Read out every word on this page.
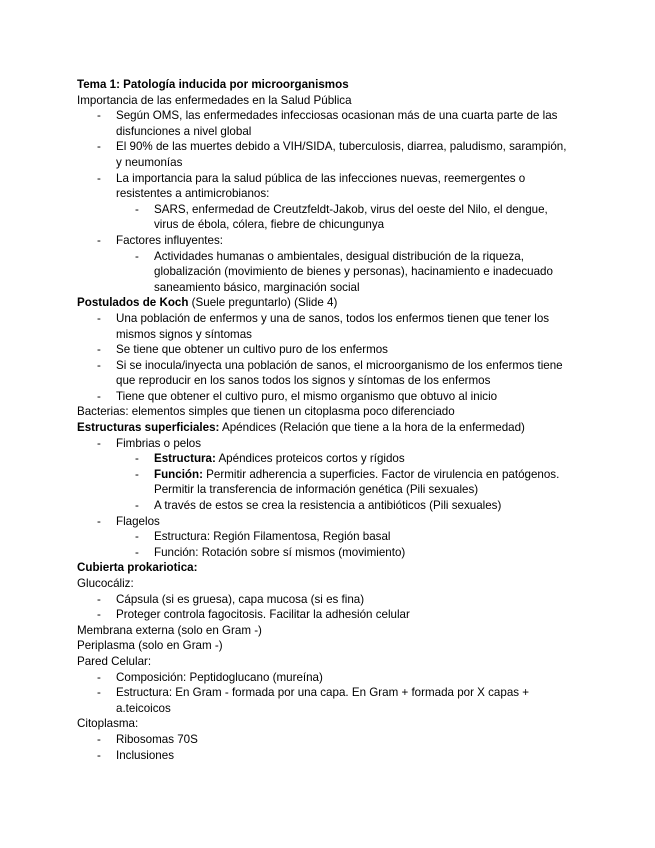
Tema 1: Patología inducida por microorganismos
Importancia de las enfermedades en la Salud Pública
- Según OMS, las enfermedades infecciosas ocasionan más de una cuarta parte de las
disfunciones a nivel global
- El 90% de las muertes debido a VIH/SIDA, tuberculosis, diarrea, paludismo, sarampión,
y neumonías
- La importancia para la salud pública de las infecciones nuevas, reemergentes o
resistentes a antimicrobianos:
- SARS, enfermedad de Creutzfeldt-Jakob, virus del oeste del Nilo, el dengue,
virus de ébola, cólera, fiebre de chicungunya
- Factores influyentes:
- Actividades humanas o ambientales, desigual distribución de la riqueza,
globalización (movimiento de bienes y personas), hacinamiento e inadecuado
saneamiento básico, marginación social
Postulados de Koch (Suele preguntarlo) (Slide 4)
- Una población de enfermos y una de sanos, todos los enfermos tienen que tener los
mismos signos y síntomas
- Se tiene que obtener un cultivo puro de los enfermos
- Si se inocula/inyecta una población de sanos, el microorganismo de los enfermos tiene
que reproducir en los sanos todos los signos y síntomas de los enfermos
- Tiene que obtener el cultivo puro, el mismo organismo que obtuvo al inicio
Bacterias: elementos simples que tienen un citoplasma poco diferenciado
Estructuras superficiales: Apéndices (Relación que tiene a la hora de la enfermedad)
- Fimbrias o pelos
- Estructura: Apéndices proteicos cortos y rígidos
- Función: Permitir adherencia a superficies. Factor de virulencia en patógenos.
Permitir la transferencia de información genética (Pili sexuales)
- A través de estos se crea la resistencia a antibióticos (Pili sexuales)
- Flagelos
- Estructura: Región Filamentosa, Región basal
- Función: Rotación sobre sí mismos (movimiento)
Cubierta prokariotica:
Glucocáliz:
- Cápsula (si es gruesa), capa mucosa (si es fina)
- Proteger controla fagocitosis. Facilitar la adhesión celular
Membrana externa (solo en Gram -)
Periplasma (solo en Gram -)
Pared Celular:
- Composición: Peptidoglucano (mureína)
- Estructura: En Gram - formada por una capa. En Gram + formada por X capas +
a.teicoicos
Citoplasma:
- Ribosomas 70S
- Inclusiones
